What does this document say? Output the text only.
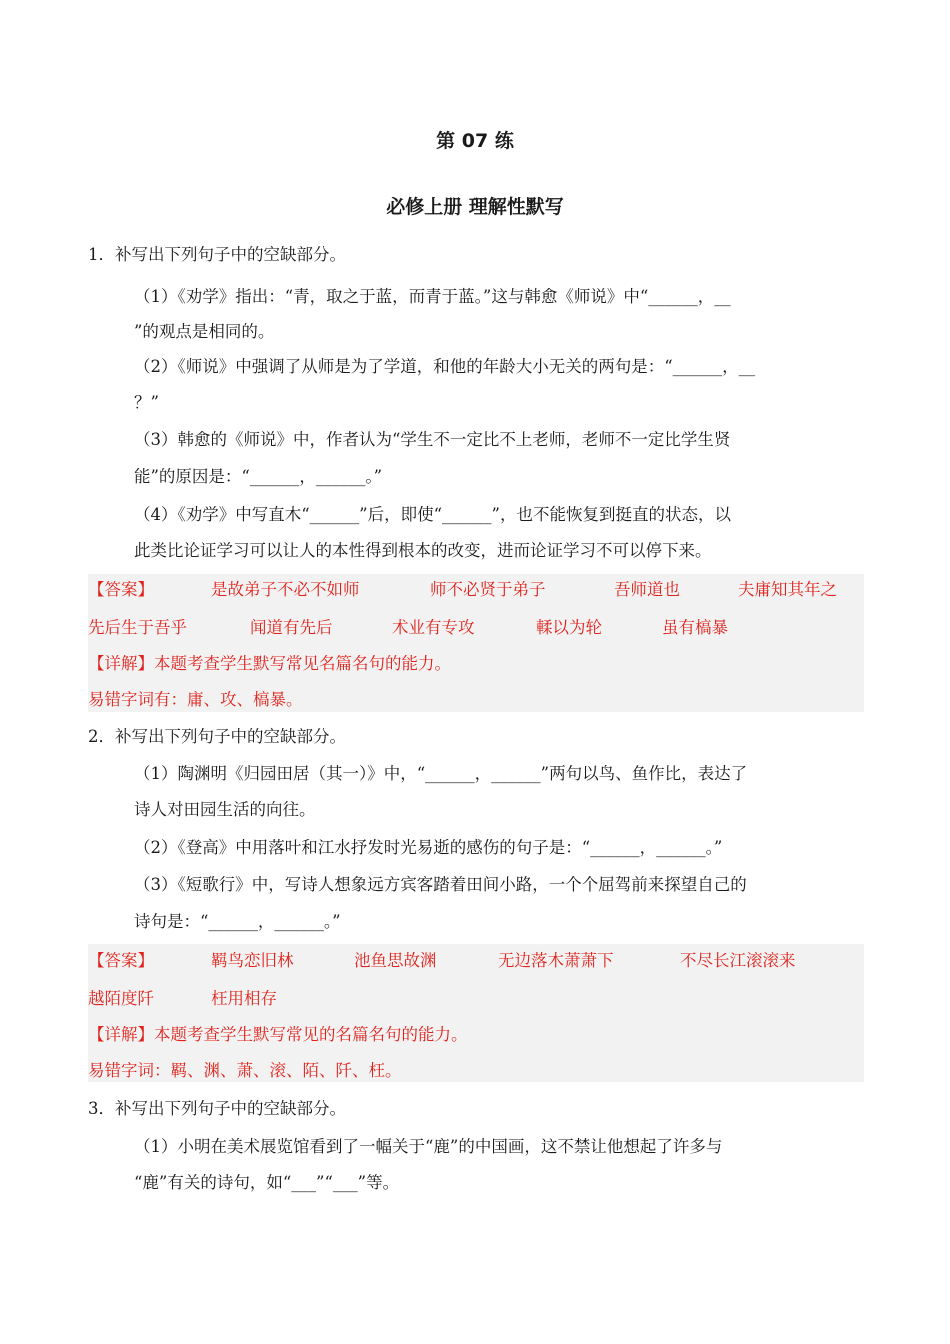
第 07 练
必修上册 理解性默写
1．补写出下列句子中的空缺部分。
（1）《劝学》指出：“青，取之于蓝，而青于蓝。”这与韩愈《师说》中“______，__
”的观点是相同的。
（2）《师说》中强调了从师是为了学道，和他的年龄大小无关的两句是：“______，__
？”
（3）韩愈的《师说》中，作者认为“学生不一定比不上老师，老师不一定比学生贤
能”的原因是：“______，______。”
（4）《劝学》中写直木“______”后，即使“______”，也不能恢复到挺直的状态，以
此类比论证学习可以让人的本性得到根本的改变，进而论证学习不可以停下来。
【答案】	是故弟子不必不如师	师不必贤于弟子	吾师道也	夫庸知其年之
先后生于吾乎	闻道有先后	术业有专攻	輮以为轮	虽有槁暴
【详解】本题考查学生默写常见名篇名句的能力。
易错字词有：庸、攻、槁暴。
2．补写出下列句子中的空缺部分。
（1）陶渊明《归园田居（其一）》中，“______，______”两句以鸟、鱼作比，表达了
诗人对田园生活的向往。
（2）《登高》中用落叶和江水抒发时光易逝的感伤的句子是：“______，______。”
（3）《短歌行》中，写诗人想象远方宾客踏着田间小路，一个个屈驾前来探望自己的
诗句是：“______，______。”
【答案】	羁鸟恋旧林	池鱼思故渊	无边落木萧萧下	不尽长江滚滚来
越陌度阡	枉用相存
【详解】本题考查学生默写常见的名篇名句的能力。
易错字词：羁、渊、萧、滚、陌、阡、枉。
3．补写出下列句子中的空缺部分。
（1）小明在美术展览馆看到了一幅关于“鹿”的中国画，这不禁让他想起了许多与
“鹿”有关的诗句，如“___”“___”等。
